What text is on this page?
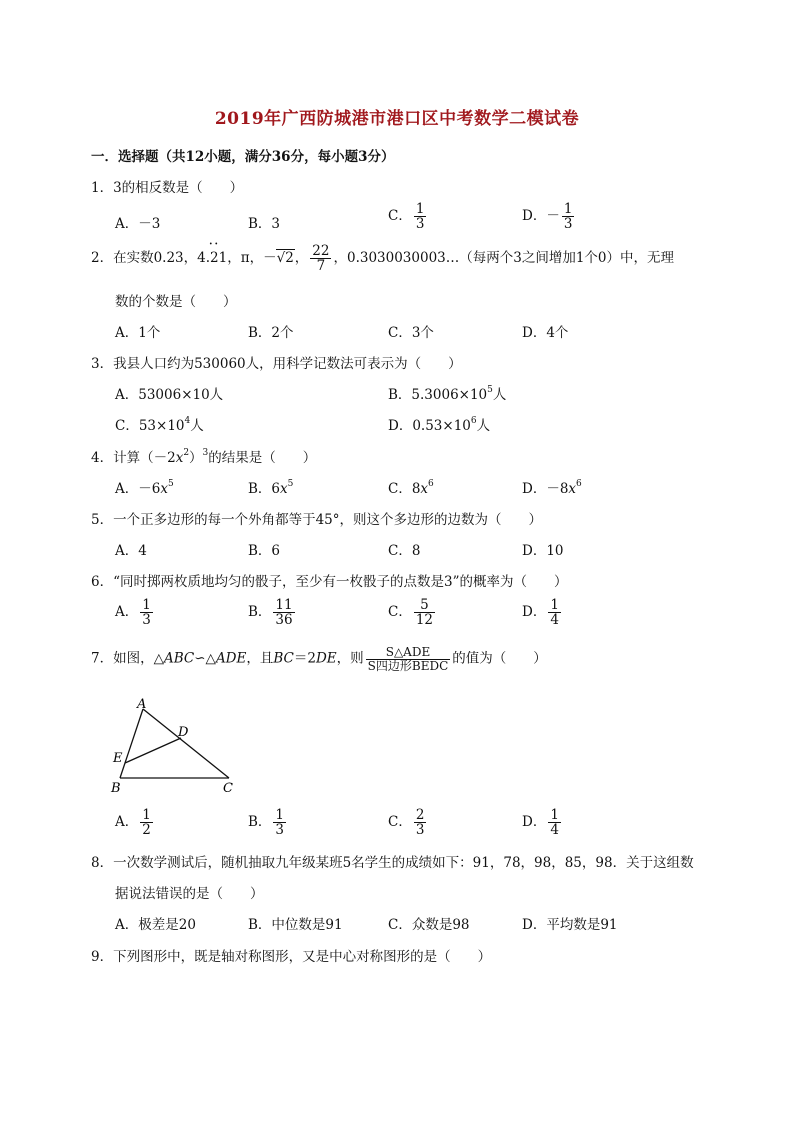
2019年广西防城港市港口区中考数学二模试卷
一．选择题（共12小题，满分36分，每小题3分）
1．3的相反数是（　　）
A．－3	B．3	C． $\frac{1}{3}$	D．－ $\frac{1}{3}$
2．在实数0.23，4.• • 21，π，－√2， $\frac{22}{7}$ ，0.3030030003…（每两个3之间增加1个0）中，无理
数的个数是（　　）
A．1个	B．2个	C．3个	D．4个
3．我县人口约为530060人，用科学记数法可表示为（　　）
A．53006×10人	B．$5.3006\times 10^5$人
C．$53\times 10^4$人	D．$0.53\times 10^6$人
4．计算$(-2x^2)^3$的结果是（　　）
A．$-6x^5$	B．$6x^5$	C．$8x^6$	D．$-8x^6$
5．一个正多边形的每一个外角都等于45°，则这个多边形的边数为（　　）
A．4	B．6	C．8	D．10
6．“同时掷两枚质地均匀的骰子，至少有一枚骰子的点数是3”的概率为（　　）
A． $\frac{1}{3}$	B． $\frac{11}{36}$	C． $\frac{5}{12}$	D． $\frac{1}{4}$
7．如图，△ABC∽△ADE，且BC＝2DE，则 $\frac{\text{S△ADE}}{\text{S四边形BEDC}}$ 的值为（　　）
A
B	C
D
E
A． $\frac{1}{2}$	B． $\frac{1}{3}$	C． $\frac{2}{3}$	D． $\frac{1}{4}$
8．一次数学测试后，随机抽取九年级某班5名学生的成绩如下：91，78，98，85，98．关于这组数
据说法错误的是（　　）
A．极差是20	B．中位数是91	C．众数是98	D．平均数是91
9．下列图形中，既是轴对称图形，又是中心对称图形的是（　　）
